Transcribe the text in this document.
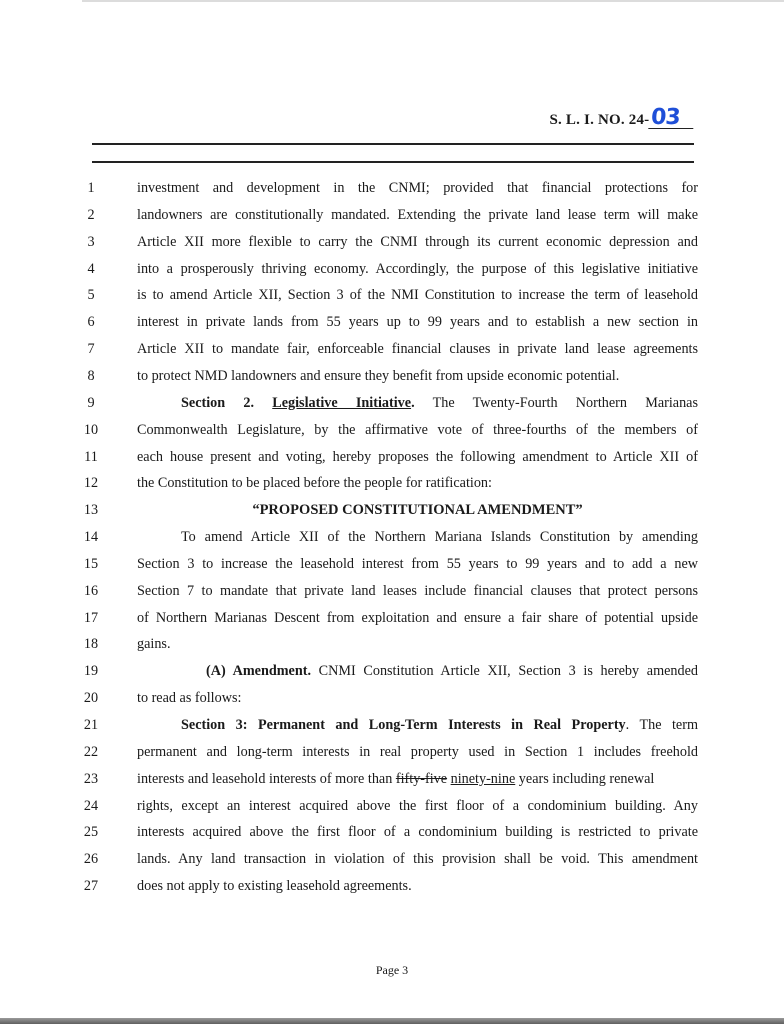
S. L. I. NO. 24-03
1	investment and development in the CNMI; provided that financial protections for
2	landowners are constitutionally mandated. Extending the private land lease term will make
3	Article XII more flexible to carry the CNMI through its current economic depression and
4	into a prosperously thriving economy. Accordingly, the purpose of this legislative initiative
5	is to amend Article XII, Section 3 of the NMI Constitution to increase the term of leasehold
6	interest in private lands from 55 years up to 99 years and to establish a new section in
7	Article XII to mandate fair, enforceable financial clauses in private land lease agreements
8	to protect NMD landowners and ensure they benefit from upside economic potential.
9	Section 2. Legislative Initiative. The Twenty-Fourth Northern Marianas
10	Commonwealth Legislature, by the affirmative vote of three-fourths of the members of
11	each house present and voting, hereby proposes the following amendment to Article XII of
12	the Constitution to be placed before the people for ratification:
13	“PROPOSED CONSTITUTIONAL AMENDMENT”
14	To amend Article XII of the Northern Mariana Islands Constitution by amending
15	Section 3 to increase the leasehold interest from 55 years to 99 years and to add a new
16	Section 7 to mandate that private land leases include financial clauses that protect persons
17	of Northern Marianas Descent from exploitation and ensure a fair share of potential upside
18	gains.
19	(A) Amendment. CNMI Constitution Article XII, Section 3 is hereby amended
20	to read as follows:
21	Section 3: Permanent and Long-Term Interests in Real Property. The term
22	permanent and long-term interests in real property used in Section 1 includes freehold
23	interests and leasehold interests of more than fifty-five ninety-nine years including renewal
24	rights, except an interest acquired above the first floor of a condominium building. Any
25	interests acquired above the first floor of a condominium building is restricted to private
26	lands. Any land transaction in violation of this provision shall be void. This amendment
27	does not apply to existing leasehold agreements.
Page 3
